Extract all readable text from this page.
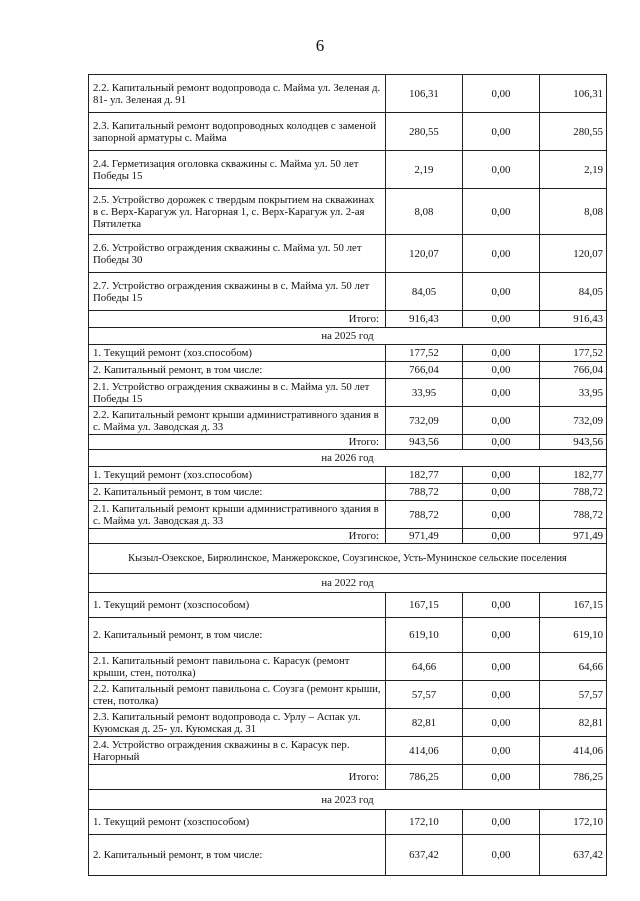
6
2.2. Капитальный ремонт водопровода с. Майма ул. Зеленая д. 81- ул. Зеленая д. 91	106,31	0,00	106,31
2.3. Капитальный ремонт водопроводных колодцев с заменой запорной арматуры с. Майма	280,55	0,00	280,55
2.4. Герметизация оголовка скважины с. Майма ул. 50 лет Победы 15	2,19	0,00	2,19
2.5. Устройство дорожек с твердым покрытием на скважинах в с. Верх-Карагуж ул. Нагорная 1, с. Верх-Карагуж ул. 2-ая Пятилетка	8,08	0,00	8,08
2.6. Устройство ограждения скважины с. Майма ул. 50 лет Победы 30	120,07	0,00	120,07
2.7. Устройство ограждения скважины в с. Майма ул. 50 лет Победы 15	84,05	0,00	84,05
Итого:	916,43	0,00	916,43
на 2025 год			
1. Текущий ремонт (хоз.способом)	177,52	0,00	177,52
2. Капитальный ремонт, в том числе:	766,04	0,00	766,04
2.1. Устройство ограждения скважины в с. Майма ул. 50 лет Победы 15	33,95	0,00	33,95
2.2. Капитальный ремонт крыши административного здания в с. Майма ул. Заводская д. 33	732,09	0,00	732,09
Итого:	943,56	0,00	943,56
на 2026 год			
1. Текущий ремонт (хоз.способом)	182,77	0,00	182,77
2. Капитальный ремонт, в том числе:	788,72	0,00	788,72
2.1. Капитальный ремонт крыши административного здания в с. Майма ул. Заводская д. 33	788,72	0,00	788,72
Итого:	971,49	0,00	971,49
Кызыл-Озекское, Бирюлинское, Манжерокское, Соузгинское, Усть-Мунинское сельские поселения			
на 2022 год			
1. Текущий ремонт (хозспособом)	167,15	0,00	167,15
2. Капитальный ремонт, в том числе:	619,10	0,00	619,10
2.1. Капитальный ремонт павильона с. Карасук (ремонт крыши, стен, потолка)	64,66	0,00	64,66
2.2. Капитальный ремонт павильона с. Соузга (ремонт крыши, стен, потолка)	57,57	0,00	57,57
2.3. Капитальный ремонт водопровода с. Урлу – Аспак ул. Куюмская д. 25- ул. Куюмская д. 31	82,81	0,00	82,81
2.4. Устройство ограждения скважины в с. Карасук пер. Нагорный	414,06	0,00	414,06
Итого:	786,25	0,00	786,25
на 2023 год			
1. Текущий ремонт (хозспособом)	172,10	0,00	172,10
2. Капитальный ремонт, в том числе:	637,42	0,00	637,42
